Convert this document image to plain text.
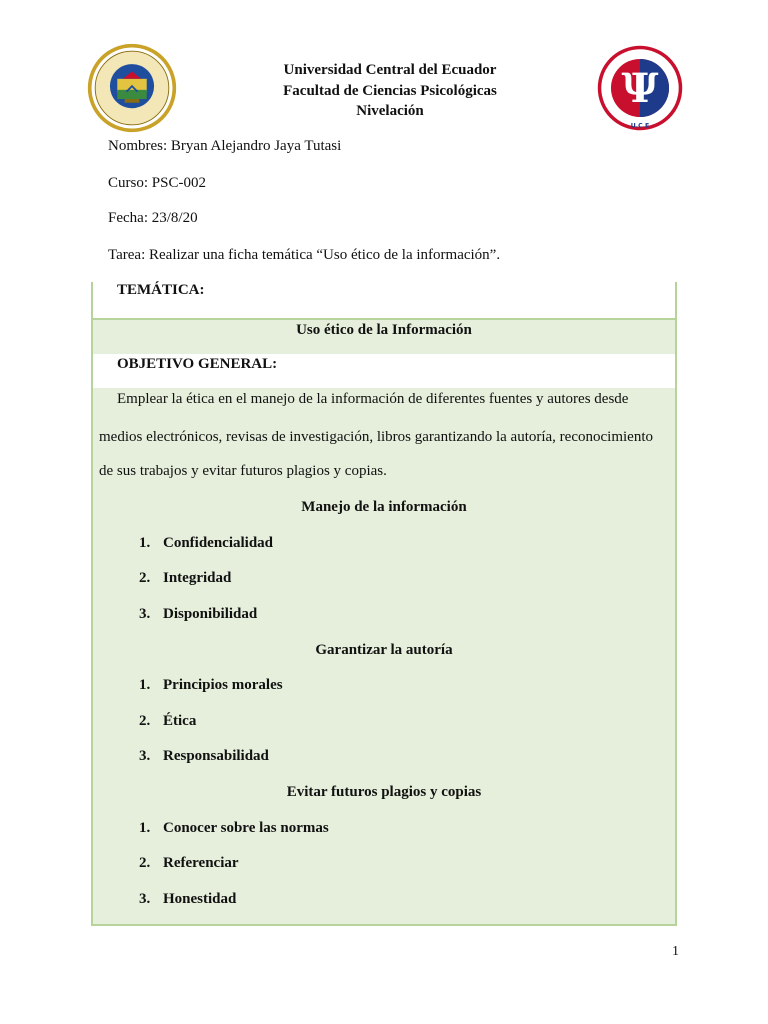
Ψ
U.C.E
Universidad Central del Ecuador
Facultad de Ciencias Psicológicas
Nivelación
Nombres: Bryan Alejandro Jaya Tutasi
Curso: PSC-002
Fecha: 23/8/20
Tarea: Realizar una ficha temática “Uso ético de la información”.
TEMÁTICA:
Uso ético de la Información
OBJETIVO GENERAL:
Emplear la ética en el manejo de la información de diferentes fuentes y autores desde
medios electrónicos, revisas de investigación, libros garantizando la autoría, reconocimiento
de sus trabajos y evitar futuros plagios y copias.
Manejo de la información
1. Confidencialidad
2. Integridad
3. Disponibilidad
Garantizar la autoría
1. Principios morales
2. Ética
3. Responsabilidad
Evitar futuros plagios y copias
1. Conocer sobre las normas
2. Referenciar
3. Honestidad
1
